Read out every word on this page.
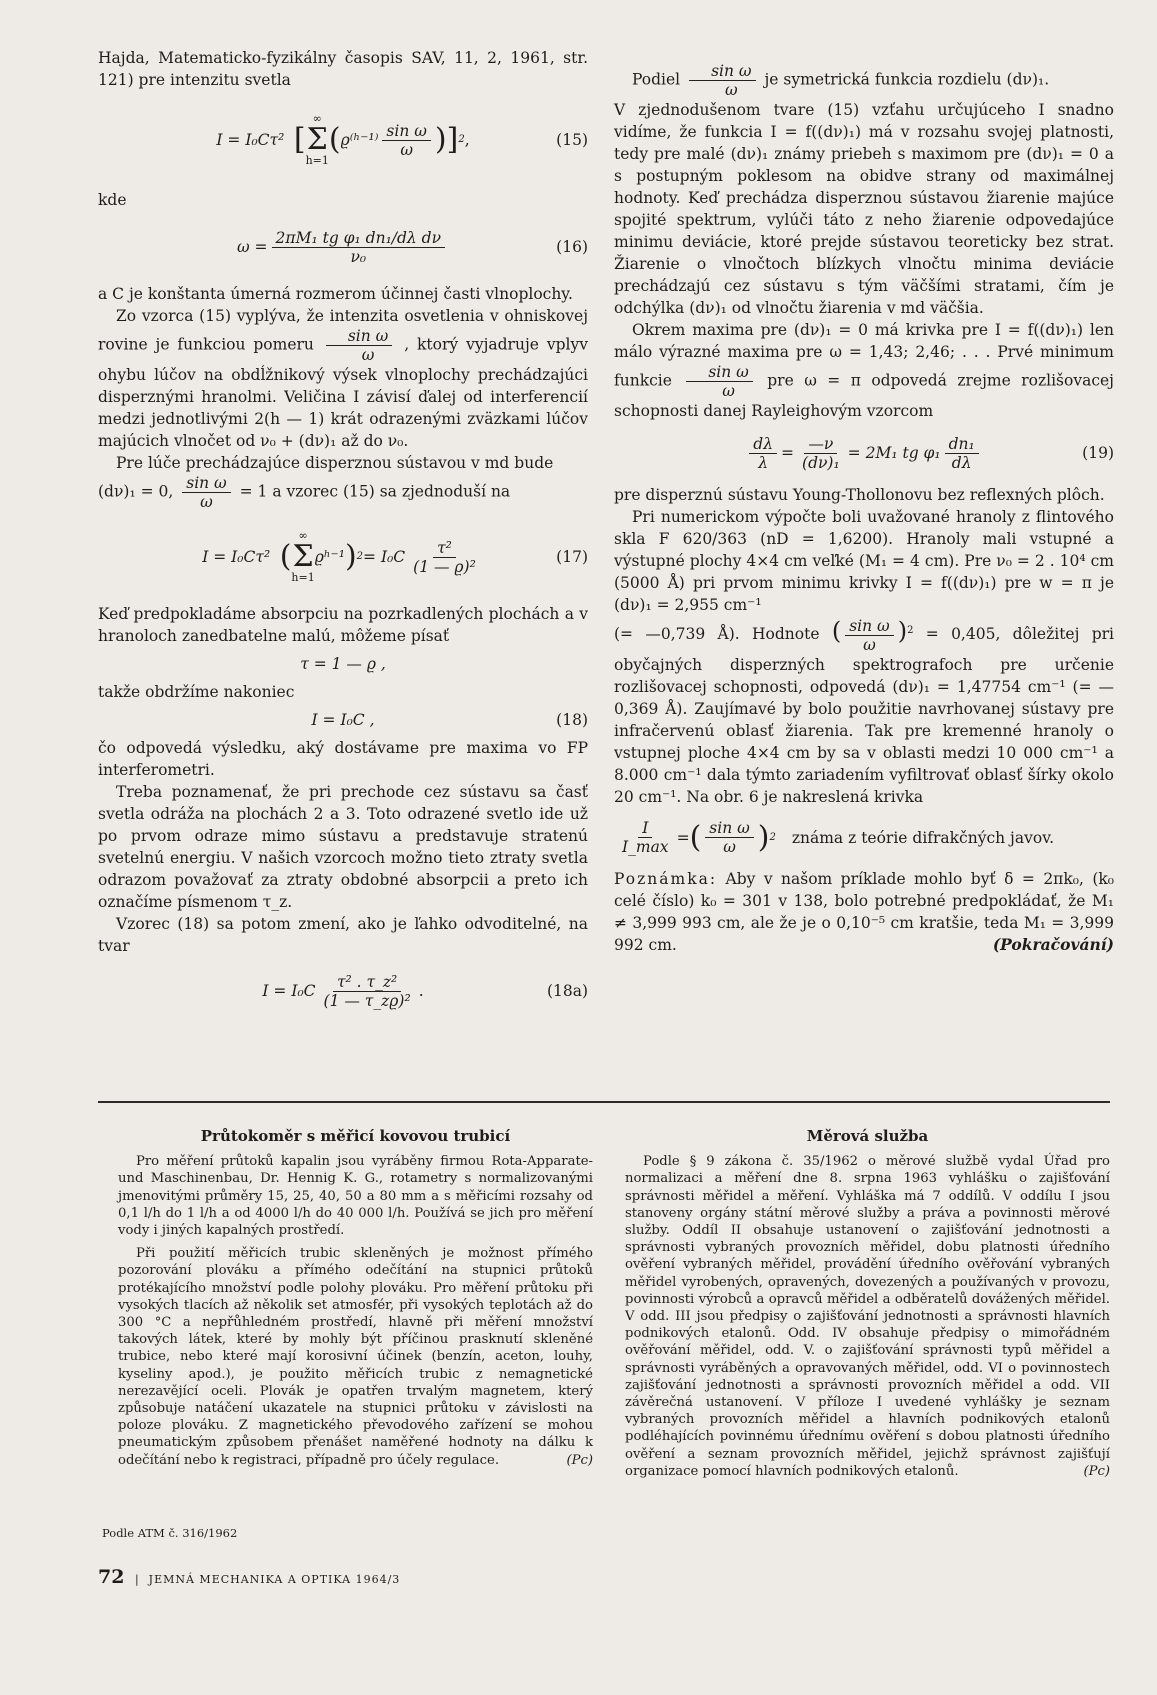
Hajda, Matematicko-fyzikálny časopis SAV, 11, 2, 1961, str. 121) pre intenzitu svetla

I = I₀Cτ² [
∞
Σ
h=1
( ϱ⁽ʰ⁻¹⁾ $\frac{\text{sin ω}}{\omega}$ )] 2 ,	(15)

kde

$\omega = \frac{\text{2πM₁ tg φ₁ dn₁/dλ dν}}{\text{ν₀}}$	(16)

a C je konštanta úmerná rozmerom účinnej časti vlnoplochy.

Zo vzorca (15) vyplýva, že intenzita osvetlenia v ohniskovej rovine je funkciou pomeru $\frac{\text{sin ω}}{\omega}$ , ktorý vyjadruje vplyv ohybu lúčov na obdĺžnikový výsek vlnoplochy prechádzajúci disperznými hranolmi. Veličina I závisí ďalej od interferencií medzi jednotlivými 2(h — 1) krát odrazenými zväzkami lúčov majúcich vlnočet od ν₀ + (dν)₁ až do ν₀.

Pre lúče prechádzajúce disperznou sústavou v md bude

(dν)₁ = 0, $\frac{\text{sin ω}}{\omega} = 1$ a vzorec (15) sa zjednoduší na

I = I₀Cτ² (
∞
Σ
h=1
ϱʰ⁻¹ ) $2 = I_0C \frac{\text{τ²}}{\text{(1 — ϱ)²}}$	(17)

Keď predpokladáme absorpciu na pozrkadlených plochách a v hranoloch zanedbatelne malú, môžeme písať

τ = 1 — ϱ ,

takže obdržíme nakoniec

I = I₀C ,	(18)

čo odpovedá výsledku, aký dostávame pre maxima vo FP interferometri.

Treba poznamenať, že pri prechode cez sústavu sa časť svetla odráža na plochách 2 a 3. Toto odrazené svetlo ide už po prvom odraze mimo sústavu a predstavuje stratenú svetelnú energiu. V našich vzorcoch možno tieto ztraty svetla odrazom považovať za ztraty obdobné absorpcii a preto ich označíme písmenom τ_z.

Vzorec (18) sa potom zmení, ako je ľahko odvoditelné, na tvar

$I = I_0C \frac{\text{τ² . τ\_z²}}{\text{(1 — τ\_zϱ)²}}$ .	(18a)

Podiel $\frac{\text{sin ω}}{\omega}$ je symetrická funkcia rozdielu (dν)₁.

V zjednodušenom tvare (15) vzťahu určujúceho I snadno vidíme, že funkcia I = f((dν)₁) má v rozsahu svojej platnosti, tedy pre malé (dν)₁ známy priebeh s maximom pre (dν)₁ = 0 a s postupným poklesom na obidve strany od maximálnej hodnoty. Keď prechádza disperznou sústavou žiarenie majúce spojité spektrum, vylúči táto z neho žiarenie odpovedajúce minimu deviácie, ktoré prejde sústavou teoreticky bez strat. Žiarenie o vlnočtoch blízkych vlnočtu minima deviácie prechádzajú cez sústavu s tým väčšími stratami, čím je odchýlka (dν)₁ od vlnočtu žiarenia v md väčšia.

Okrem maxima pre (dν)₁ = 0 má krivka pre I = f((dν)₁) len málo výrazné maxima pre ω = 1,43; 2,46; . . . Prvé minimum funkcie $\frac{\text{sin ω}}{\omega}$ pre ω = π odpovedá zrejme rozlišovacej schopnosti danej Rayleighovým vzorcom

$\frac{d\lambda}{\lambda} = \frac{—\nu}{\text{(dν)₁}} = 2M_1$ tg $\varphi_1 \frac{\text{dn₁}}{d\lambda}$	(19)

pre disperznú sústavu Young-Thollonovu bez reflexných plôch.

Pri numerickom výpočte boli uvažované hranoly z flintového skla F 620/363 (nD = 1,6200). Hranoly mali vstupné a výstupné plochy 4×4 cm veľké (M₁ = 4 cm). Pre ν₀ = 2 . 10⁴ cm (5000 Å) pri prvom minimu krivky I = f((dν)₁) pre w = π je (dν)₁ = 2,955 cm⁻¹

(= —0,739 Å). Hodnote ( $\frac{\text{sin ω}}{\omega} )^2 = 0,405$, dôležitej pri obyčajných disperzných spektrografoch pre určenie rozlišovacej schopnosti, odpovedá (dν)₁ = 1,47754 cm⁻¹ (= —0,369 Å). Zaujímavé by bolo použitie navrhovanej sústavy pre infračervenú oblasť žiarenia. Tak pre kremenné hranoly o vstupnej ploche 4×4 cm by sa v oblasti medzi 10 000 cm⁻¹ a 8.000 cm⁻¹ dala týmto zariadením vyfiltrovať oblasť šírky okolo 20 cm⁻¹. Na obr. 6 je nakreslená krivka

$\frac{I}{I\_\max}$ = ( $\frac{\text{sin ω}}{\omega}$ ) 2 známa z teórie difrakčných javov.

Poznámka: Aby v našom príklade mohlo byť δ = 2πk₀, (k₀ celé číslo) k₀ = 301 v 138, bolo potrebné predpokládať, že M₁ ≠ 3,999 993 cm, ale že je o 0,10⁻⁵ cm kratšie, teda M₁ = 3,999 992 cm.	(Pokračování)

Průtokoměr s měřicí kovovou trubicí

Pro měření průtoků kapalin jsou vyráběny firmou Rota-Apparate- und Maschinenbau, Dr. Hennig K. G., rotametry s normalizovanými jmenovitými průměry 15, 25, 40, 50 a 80 mm a s měřicími rozsahy od 0,1 l/h do 1 l/h a od 4000 l/h do 40 000 l/h. Používá se jich pro měření vody i jiných kapalných prostředí.

Při použití měřicích trubic skleněných je možnost přímého pozorování plováku a přímého odečítání na stupnici průtoků protékajícího množství podle polohy plováku. Pro měření průtoku při vysokých tlacích až několik set atmosfér, při vysokých teplotách až do 300 °C a nepřůhledném prostředí, hlavně při měření množství takových látek, které by mohly být příčinou prasknutí skleněné trubice, nebo které mají korosivní účinek (benzín, aceton, louhy, kyseliny apod.), je použito měřicích trubic z nemagnetické nerezavějící oceli. Plovák je opatřen trvalým magnetem, který způsobuje natáčení ukazatele na stupnici průtoku v závislosti na poloze plováku. Z magnetického převodového zařízení se mohou pneumatickým způsobem přenášet naměřené hodnoty na dálku k odečítání nebo k registraci, případně pro účely regulace.	(Pc)

Podle ATM č. 316/1962
Měrová služba

Podle § 9 zákona č. 35/1962 o měrové službě vydal Úřad pro normalizaci a měření dne 8. srpna 1963 vyhlášku o zajišťování správnosti měřidel a měření. Vyhláška má 7 oddílů. V oddílu I jsou stanoveny orgány státní měrové služby a práva a povinnosti měrové služby. Oddíl II obsahuje ustanovení o zajišťování jednotnosti a správnosti vybraných provozních měřidel, dobu platnosti úředního ověření vybraných měřidel, provádění úředního ověřování vybraných měřidel vyrobených, opravených, dovezených a používaných v provozu, povinnosti výrobců a opravců měřidel a odběratelů dovážených měřidel. V odd. III jsou předpisy o zajišťování jednotnosti a správnosti hlavních podnikových etalonů. Odd. IV obsahuje předpisy o mimořádném ověřování měřidel, odd. V. o zajišťování správnosti typů měřidel a správnosti vyráběných a opravovaných měřidel, odd. VI o povinnostech zajišťování jednotnosti a správnosti provozních měřidel a odd. VII závěrečná ustanovení. V příloze I uvedené vyhlášky je seznam vybraných provozních měřidel a hlavních podnikových etalonů podléhajících povinnému úřednímu ověření s dobou platnosti úředního ověření a seznam provozních měřidel, jejichž správnost zajišťují organizace pomocí hlavních podnikových etalonů.	(Pc)

72 |  JEMNÁ MECHANIKA A OPTIKA 1964/3
